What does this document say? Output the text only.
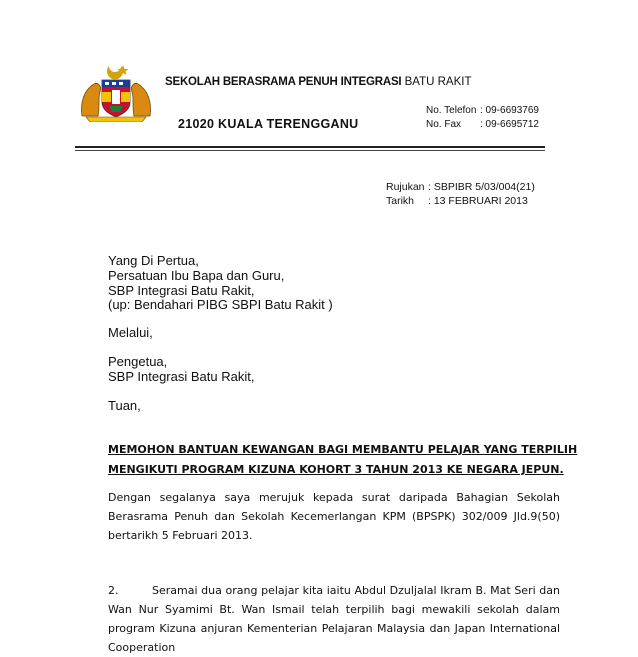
SEKOLAH BERASRAMA PENUH INTEGRASI BATU RAKIT
21020 KUALA TERENGGANU
No. Telefon : 09-6693769
No. Fax : 09-6695712
Rujukan : SBPIBR 5/03/004(21)
Tarikh : 13 FEBRUARI 2013
Yang Di Pertua,
Persatuan Ibu Bapa dan Guru,
SBP Integrasi Batu Rakit,
(up: Bendahari PIBG SBPI Batu Rakit )
Melalui,
Pengetua,
SBP Integrasi Batu Rakit,
Tuan,
MEMOHON BANTUAN KEWANGAN BAGI MEMBANTU PELAJAR YANG TERPILIH
MENGIKUTI PROGRAM KIZUNA KOHORT 3 TAHUN 2013 KE NEGARA JEPUN.
Dengan segalanya saya merujuk kepada surat daripada Bahagian Sekolah Berasrama Penuh dan Sekolah Kecemerlangan KPM (BPSPK) 302/009 Jld.9(50) bertarikh 5 Februari 2013.
2.	Seramai dua orang pelajar kita iaitu Abdul Dzuljalal Ikram B. Mat Seri dan Wan Nur Syamimi Bt. Wan Ismail telah terpilih bagi mewakili sekolah dalam program Kizuna anjuran Kementerian Pelajaran Malaysia dan Japan International Cooperation
